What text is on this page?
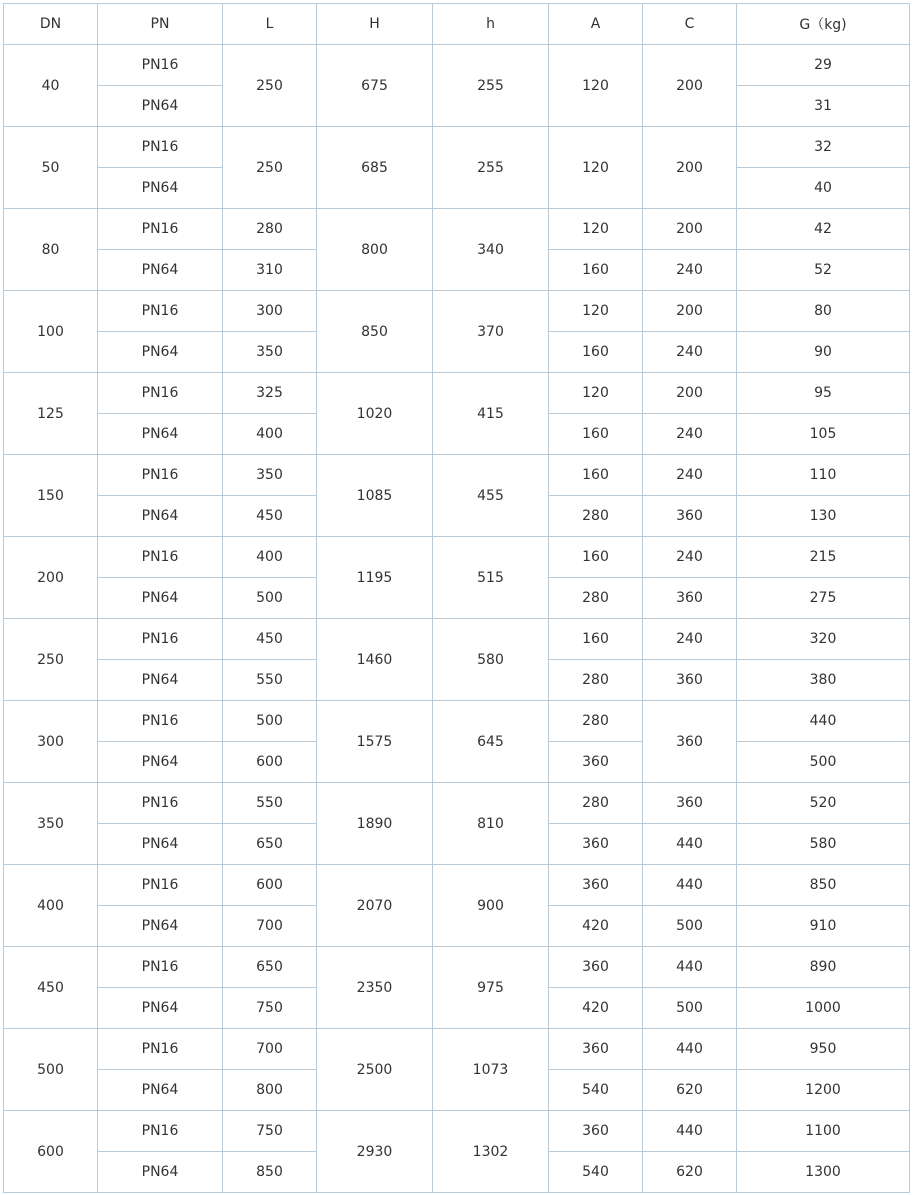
DN	PN	L	H	h	A	C	G（kg)
40	PN16	250	675	255	120	200	29
	PN64						31
50	PN16	250	685	255	120	200	32
	PN64						40
80	PN16	280	800	340	120	200	42
	PN64	310			160	240	52
100	PN16	300	850	370	120	200	80
	PN64	350			160	240	90
125	PN16	325	1020	415	120	200	95
	PN64	400			160	240	105
150	PN16	350	1085	455	160	240	110
	PN64	450			280	360	130
200	PN16	400	1195	515	160	240	215
	PN64	500			280	360	275
250	PN16	450	1460	580	160	240	320
	PN64	550			280	360	380
300	PN16	500	1575	645	280	360	440
	PN64	600			360		500
350	PN16	550	1890	810	280	360	520
	PN64	650			360	440	580
400	PN16	600	2070	900	360	440	850
	PN64	700			420	500	910
450	PN16	650	2350	975	360	440	890
	PN64	750			420	500	1000
500	PN16	700	2500	1073	360	440	950
	PN64	800			540	620	1200
600	PN16	750	2930	1302	360	440	1100
	PN64	850			540	620	1300
